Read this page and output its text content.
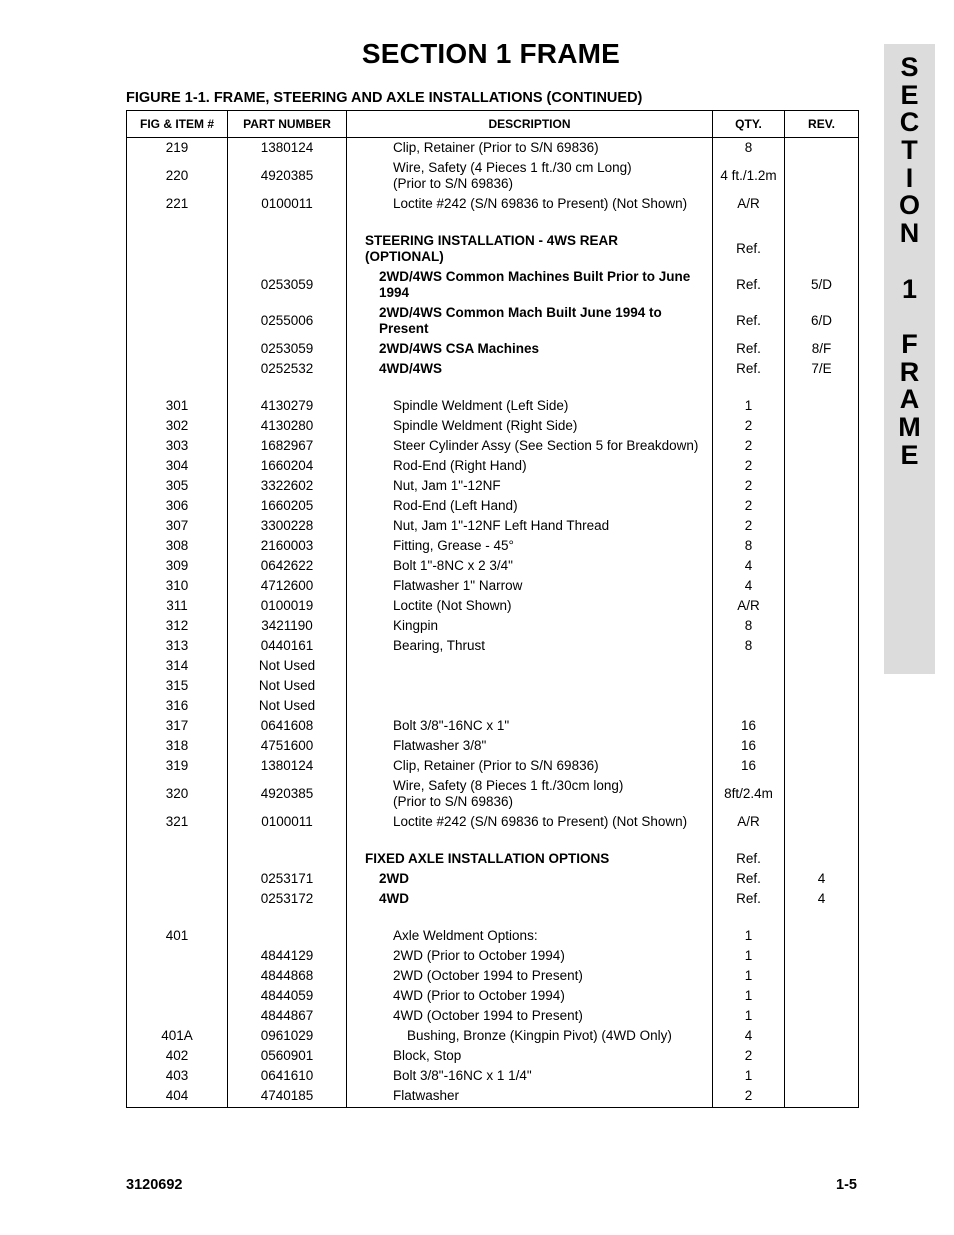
SECTION 1 FRAME
FIGURE 1-1. FRAME, STEERING AND AXLE INSTALLATIONS (CONTINUED)
S
E
C
T
I
O
N
1
F
R
A
M
E
FIG & ITEM #	PART NUMBER	DESCRIPTION	QTY.	REV.
219	1380124	Clip, Retainer (Prior to S/N 69836)	8	
220	4920385	Wire, Safety (4 Pieces 1 ft./30 cm Long)
(Prior to S/N 69836)	4 ft./1.2m	
221	0100011	Loctite #242 (S/N 69836 to Present) (Not Shown)	A/R	

		STEERING INSTALLATION - 4WS REAR
(OPTIONAL)	Ref.	
	0253059	2WD/4WS Common Machines Built Prior to June
1994	Ref.	5/D
	0255006	2WD/4WS Common Mach Built June 1994 to
Present	Ref.	6/D
	0253059	2WD/4WS CSA Machines	Ref.	8/F
	0252532	4WD/4WS	Ref.	7/E

301	4130279	Spindle Weldment (Left Side)	1	
302	4130280	Spindle Weldment (Right Side)	2	
303	1682967	Steer Cylinder Assy (See Section 5 for Breakdown)	2	
304	1660204	Rod-End (Right Hand)	2	
305	3322602	Nut, Jam 1"-12NF	2	
306	1660205	Rod-End (Left Hand)	2	
307	3300228	Nut, Jam 1"-12NF Left Hand Thread	2	
308	2160003	Fitting, Grease - 45°	8	
309	0642622	Bolt 1"-8NC x 2 3/4"	4	
310	4712600	Flatwasher 1" Narrow	4	
311	0100019	Loctite (Not Shown)	A/R	
312	3421190	Kingpin	8	
313	0440161	Bearing, Thrust	8	
314	Not Used	

315	Not Used	

316	Not Used	

317	0641608	Bolt 3/8"-16NC x 1"	16	
318	4751600	Flatwasher 3/8"	16	
319	1380124	Clip, Retainer (Prior to S/N 69836)	16	
320	4920385	Wire, Safety (8 Pieces 1 ft./30cm long)
(Prior to S/N 69836)	8ft/2.4m	
321	0100011	Loctite #242 (S/N 69836 to Present) (Not Shown)	A/R	

		FIXED AXLE INSTALLATION OPTIONS	Ref.	
	0253171	2WD	Ref.	4
	0253172	4WD	Ref.	4

401		Axle Weldment Options:	1	
	4844129	2WD (Prior to October 1994)	1	
	4844868	2WD (October 1994 to Present)	1	
	4844059	4WD (Prior to October 1994)	1	
	4844867	4WD (October 1994 to Present)	1	
401A	0961029	Bushing, Bronze (Kingpin Pivot) (4WD Only)	4	
402	0560901	Block, Stop	2	
403	0641610	Bolt 3/8"-16NC x 1 1/4"	1	
404	4740185	Flatwasher	2	
3120692	1-5
